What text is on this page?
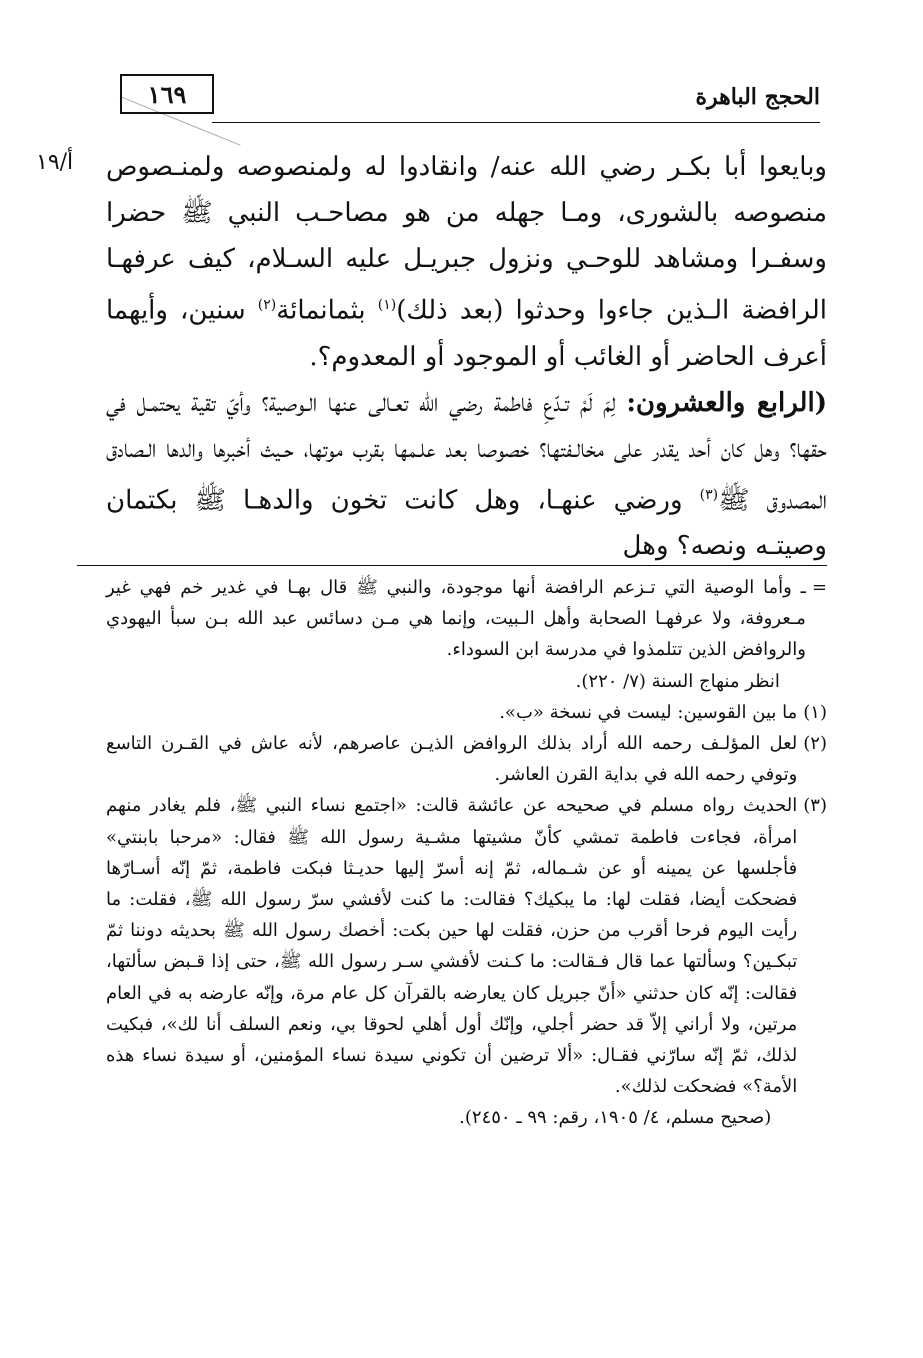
١٦٩	الحجج الباهرة
أ/١٩ وبايعوا أبا بكـر رضي الله عنه/ وانقادوا له ولمنصوصه ولمنـصوص منصوصه بالشورى، ومـا جهله من هو مصاحـب النبي ﷺ حضرا وسفـرا ومشاهد للوحـي ونزول جبريـل عليه السـلام، كيف عرفهـا الرافضة الـذين جاءوا وحدثوا (بعد ذلك)$^{(١)}$ بثمانمائة$^{(٢)}$ سنين، وأيهما أعرف الحاضر أو الغائب أو الموجود أو المعدوم؟.

(الرابع والعشرون: لِمَ لَمْ تـدّعِ فاطمة رضي الله تعـالى عنها الـوصية؟ وأيّ تقية يحتمـل في حقها؟ وهل كان أحد يقدر على مخالـفتها؟ خصوصا بعد علـمها بقرب موتها، حـيث أخبرها والدها الـصادق المصدوق ﷺ$^{(٣)}$ ورضي عنهـا، وهل كانت تخون والدهـا ﷺ بكتمان وصيتـه ونصه؟ وهل

=
ـ وأما الوصية التي تـزعم الرافضة أنها موجودة، والنبي ﷺ قال بهـا في غدير خم فهي غير مـعروفة، ولا عرفهـا الصحابة وأهل الـبيت، وإنما هي مـن دسائس عبد الله بـن سبأ اليهودي والروافض الذين تتلمذوا في مدرسة ابن السوداء.
انظر منهاج السنة (٧/ ٢٢٠).
(١)
ما بين القوسين: ليست في نسخة «ب».
(٢)
لعل المؤلـف رحمه الله أراد بذلك الروافض الذيـن عاصرهم، لأنه عاش في القـرن التاسع وتوفي رحمه الله في بداية القرن العاشر.
(٣)
الحديث رواه مسلم في صحيحه عن عائشة قالت: «اجتمع نساء النبي ﷺ، فلم يغادر منهم امرأة، فجاءت فاطمة تمشي كأنّ مشيتها مشـية رسول الله ﷺ فقال: «مرحبا بابنتي» فأجلسها عن يمينه أو عن شـماله، ثمّ إنه أسرّ إليها حديـثا فبكت فاطمة، ثمّ إنّه أسـارّها فضحكت أيضا، فقلت لها: ما يبكيك؟ فقالت: ما كنت لأفشي سرّ رسول الله ﷺ، فقلت: ما رأيت اليوم فرحا أقرب من حزن، فقلت لها حين بكت: أخصك رسول الله ﷺ بحديثه دوننا ثمّ تبكـين؟ وسألتها عما قال فـقالت: ما كـنت لأفشي سـر رسول الله ﷺ، حتى إذا قـبض سألتها، فقالت: إنّه كان حدثني «أنّ جبريل كان يعارضه بالقرآن كل عام مرة، وإنّه عارضه به في العام مرتين، ولا أراني إلاّ قد حضر أجلي، وإنّك أول أهلي لحوقا بي، ونعم السلف أنا لك»، فبكيت لذلك، ثمّ إنّه سارّني فقـال: «ألا ترضين أن تكوني سيدة نساء المؤمنين، أو سيدة نساء هذه الأمة؟» فضحكت لذلك».
(صحيح مسلم، ٤/ ١٩٠٥، رقم: ٩٩ ـ ٢٤٥٠).
